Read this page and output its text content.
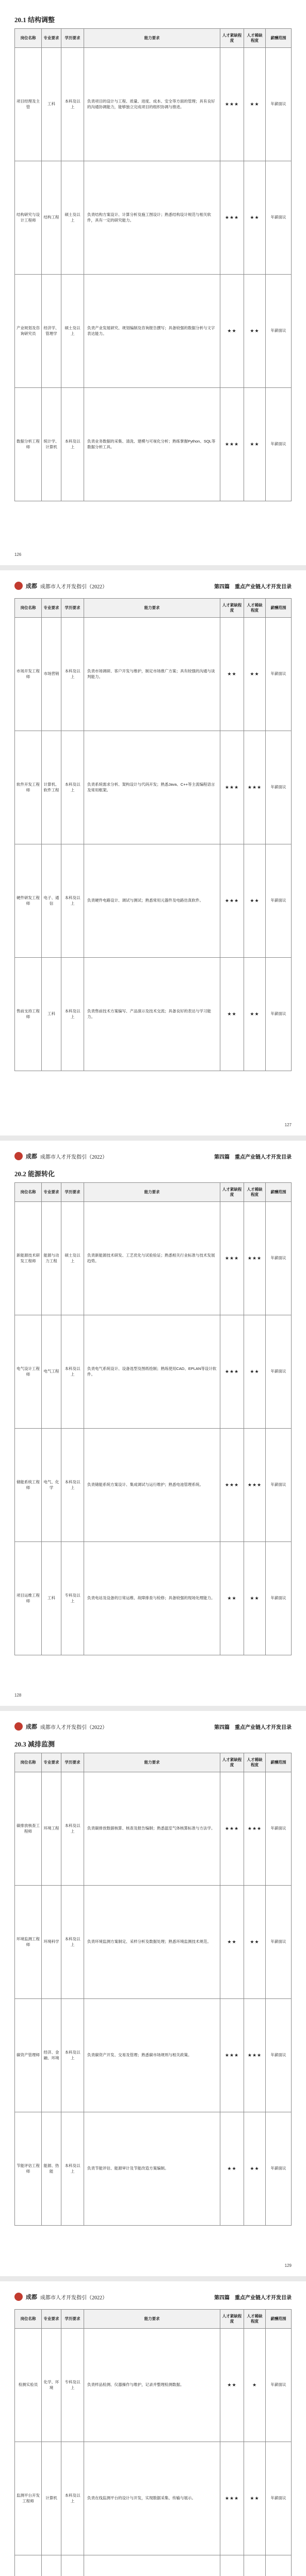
20.1 结构调整
岗位名称	专业要求	学历要求	能力要求	人才紧缺程度	人才稀缺程度	薪酬范围
项目经理及主管	工科	本科及以上	负责项目的设计与工程、质量、进度、成本、安全等方面的管理；具有良好的沟通协调能力，能够独立完成项目的组织协调与推进。	★★★	★★	年薪面议
结构研究与设计工程师	结构工程	硕士及以上	负责结构方案设计、计算分析及施工图设计；熟悉结构设计规范与相关软件，具有一定的研究能力。	★★★	★★	年薪面议
产业规划及咨询研究员	经济学、管理学	硕士及以上	负责产业发展研究、规划编制及咨询报告撰写；具备较强的数据分析与文字表达能力。	★★	★★	年薪面议
数据分析工程师	统计学、计算机	本科及以上	负责业务数据的采集、清洗、建模与可视化分析；熟练掌握Python、SQL等数据分析工具。	★★★	★★	年薪面议
126
成都 成都市人才开发指引（2022）	第四篇　重点产业链人才开发目录
岗位名称	专业要求	学历要求	能力要求	人才紧缺程度	人才稀缺程度	薪酬范围
市场开发工程师	市场营销	本科及以上	负责市场调研、客户开发与维护，制定市场推广方案；具有较强的沟通与谈判能力。	★★	★★	年薪面议
软件开发工程师	计算机、软件工程	本科及以上	负责系统需求分析、架构设计与代码开发；熟悉Java、C++等主流编程语言及常用框架。	★★★	★★★	年薪面议
硬件研发工程师	电子、通信	本科及以上	负责硬件电路设计、调试与测试；熟悉常用元器件及电路仿真软件。	★★★	★★	年薪面议
售前支持工程师	工科	本科及以上	负责售前技术方案编写、产品演示及技术交流；具备良好的表达与学习能力。	★★	★★	年薪面议
127
成都 成都市人才开发指引（2022）	第四篇　重点产业链人才开发目录
20.2 能源转化
岗位名称	专业要求	学历要求	能力要求	人才紧缺程度	人才稀缺程度	薪酬范围
新能源技术研发工程师	能源与动力工程	硕士及以上	负责新能源技术研发、工艺优化与试验验证；熟悉相关行业标准与技术发展趋势。	★★★	★★★	年薪面议
电气设计工程师	电气工程	本科及以上	负责电气系统设计、设备选型及图纸绘制；熟练使用CAD、EPLAN等设计软件。	★★★	★★	年薪面议
储能系统工程师	电气、化学	本科及以上	负责储能系统方案设计、集成调试与运行维护；熟悉电池管理系统。	★★★	★★★	年薪面议
项目运维工程师	工科	专科及以上	负责电站及设备的日常运维、故障排查与检修；具备较强的现场处理能力。	★★	★★	年薪面议
128
成都 成都市人才开发指引（2022）	第四篇　重点产业链人才开发目录
20.3 减排监测
岗位名称	专业要求	学历要求	能力要求	人才紧缺程度	人才稀缺程度	薪酬范围
碳排放核查工程师	环境工程	本科及以上	负责碳排放数据核算、核查及报告编制；熟悉温室气体核算标准与方法学。	★★★	★★★	年薪面议
环境监测工程师	环境科学	本科及以上	负责环境监测方案制定、采样分析及数据处理；熟悉环境监测技术规范。	★★	★★	年薪面议
碳资产管理师	经济、金融、环境	本科及以上	负责碳资产开发、交易及管理；熟悉碳市场规则与相关政策。	★★★	★★★	年薪面议
节能评估工程师	能源、热能	本科及以上	负责节能评估、能源审计及节能改造方案编制。	★★	★★	年薪面议
129
成都 成都市人才开发指引（2022）	第四篇　重点产业链人才开发目录
岗位名称	专业要求	学历要求	能力要求	人才紧缺程度	人才稀缺程度	薪酬范围
检测实验员	化学、环境	专科及以上	负责样品检测、仪器操作与维护，记录并整理检测数据。	★★	★	年薪面议
监测平台开发工程师	计算机	本科及以上	负责在线监测平台的设计与开发，实现数据采集、传输与展示。	★★★	★★	年薪面议
